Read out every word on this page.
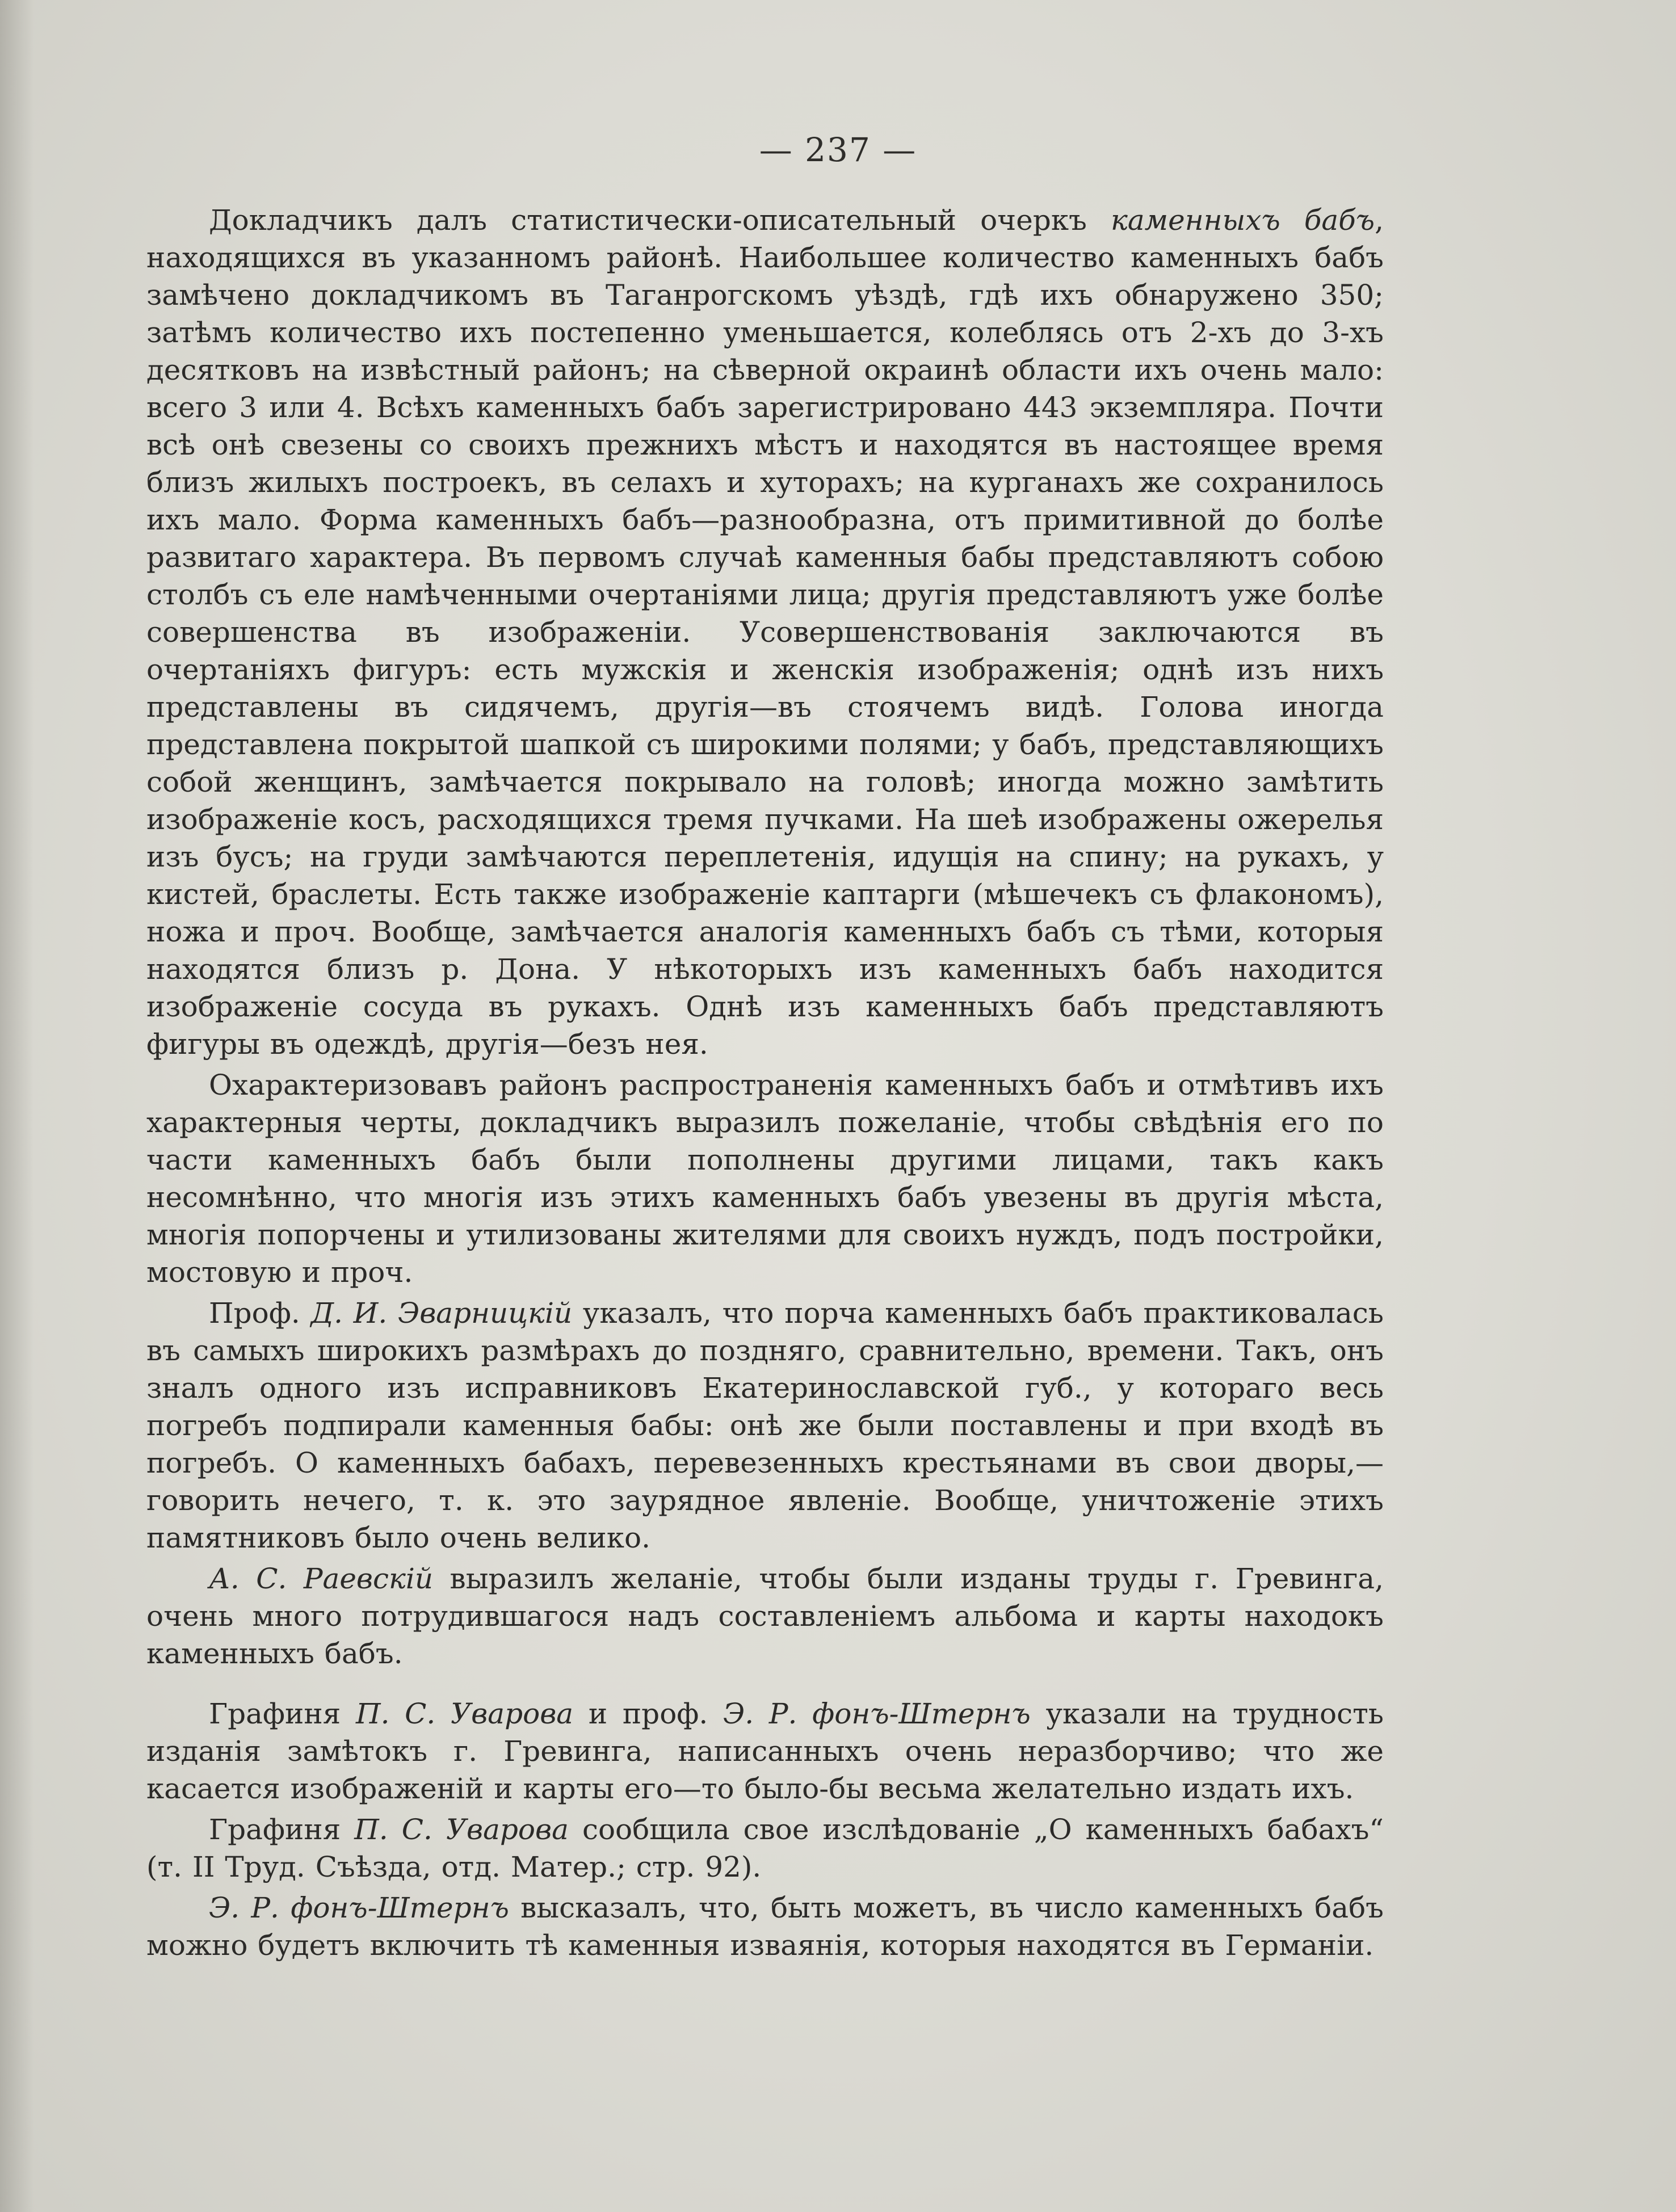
— 237 —

Докладчикъ далъ статистически-описательный очеркъ каменныхъ бабъ, находящихся въ указанномъ районѣ. Наибольшее количество каменныхъ бабъ замѣчено докладчикомъ въ Таганрогскомъ уѣздѣ, гдѣ ихъ обнаружено 350; затѣмъ количество ихъ постепенно уменьшается, колеблясь отъ 2-хъ до 3-хъ десятковъ на извѣстный районъ; на сѣверной окраинѣ области ихъ очень мало: всего 3 или 4. Всѣхъ каменныхъ бабъ зарегистрировано 443 экземпляра. Почти всѣ онѣ свезены со своихъ прежнихъ мѣстъ и находятся въ настоящее время близъ жилыхъ построекъ, въ селахъ и хуторахъ; на курганахъ же сохранилось ихъ мало. Форма каменныхъ бабъ—разнообразна, отъ примитивной до болѣе развитаго характера. Въ первомъ случаѣ каменныя бабы представляютъ собою столбъ съ еле намѣченными очертаніями лица; другія представляютъ уже болѣе совершенства въ изображеніи. Усовершенствованія заключаются въ очертаніяхъ фигуръ: есть мужскія и женскія изображенія; однѣ изъ нихъ представлены въ сидячемъ, другія—въ стоячемъ видѣ. Голова иногда представлена покрытой шапкой съ широкими полями; у бабъ, представляющихъ собой женщинъ, замѣчается покрывало на головѣ; иногда можно замѣтить изображеніе косъ, расходящихся тремя пучками. На шеѣ изображены ожерелья изъ бусъ; на груди замѣчаются переплетенія, идущія на спину; на рукахъ, у кистей, браслеты. Есть также изображеніе каптарги (мѣшечекъ съ флакономъ), ножа и проч. Вообще, замѣчается аналогія каменныхъ бабъ съ тѣми, которыя находятся близъ р. Дона. У нѣкоторыхъ изъ каменныхъ бабъ находится изображеніе сосуда въ рукахъ. Однѣ изъ каменныхъ бабъ представляютъ фигуры въ одеждѣ, другія—безъ нея.

Охарактеризовавъ районъ распространенія каменныхъ бабъ и отмѣтивъ ихъ характерныя черты, докладчикъ выразилъ пожеланіе, чтобы свѣдѣнія его по части каменныхъ бабъ были пополнены другими лицами, такъ какъ несомнѣнно, что многія изъ этихъ каменныхъ бабъ увезены въ другія мѣста, многія попорчены и утилизованы жителями для своихъ нуждъ, подъ постройки, мостовую и проч.

Проф. Д. И. Эварницкій указалъ, что порча каменныхъ бабъ практиковалась въ самыхъ широкихъ размѣрахъ до поздняго, сравнительно, времени. Такъ, онъ зналъ одного изъ исправниковъ Екатеринославской губ., у котораго весь погребъ подпирали каменныя бабы: онѣ же были поставлены и при входѣ въ погребъ. О каменныхъ бабахъ, перевезенныхъ крестьянами въ свои дворы,—говорить нечего, т. к. это заурядное явленіе. Вообще, уничтоженіе этихъ памятниковъ было очень велико.

А. С. Раевскій выразилъ желаніе, чтобы были изданы труды г. Гревинга, очень много потрудившагося надъ составленіемъ альбома и карты находокъ каменныхъ бабъ.

Графиня П. С. Уварова и проф. Э. Р. фонъ-Штернъ указали на трудность изданія замѣтокъ г. Гревинга, написанныхъ очень неразборчиво; что же касается изображеній и карты его—то было-бы весьма желательно издать ихъ.

Графиня П. С. Уварова сообщила свое изслѣдованіе „О каменныхъ бабахъ“ (т. II Труд. Съѣзда, отд. Матер.; стр. 92).

Э. Р. фонъ-Штернъ высказалъ, что, быть можетъ, въ число каменныхъ бабъ можно будетъ включить тѣ каменныя изваянія, которыя находятся въ Германіи.
